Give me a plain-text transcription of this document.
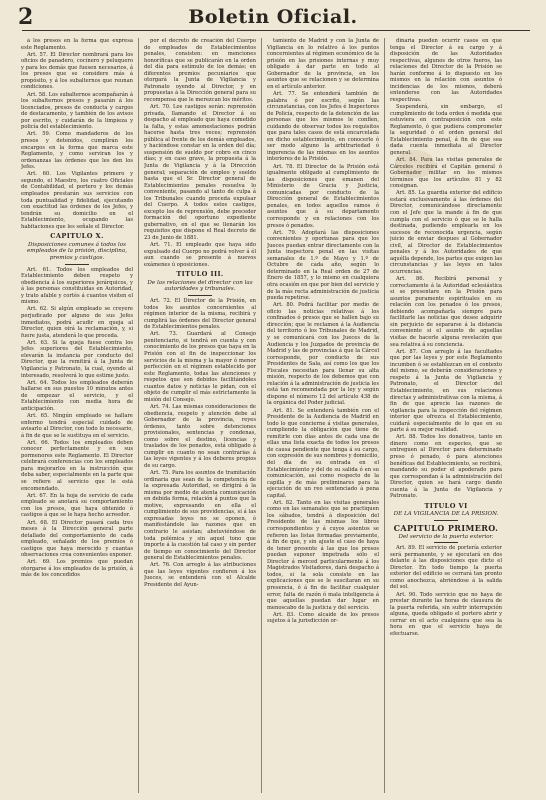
2	Boletin Oficial.

á los presos en la forma que expresa este Reglamento.

Art. 57. El Director nombrará para los oficios de panadero, cocinero y peluquero y para los demás que fuesen necesarios, á los presos que se considere más á propósito, y á los subalternos que reunan condiciones.

Art. 58. Los subalternos acompañarán á los subalternos presos y pasarán á los licenciados, presos de conducta y cargos de destacamento, y también de los avisos por escrito, y cuidarán de la limpieza y policía del establecimiento.

Art. 59. Como mandaderos de los presos y detenidos, cumplirán los encargos en la forma que marca este Reglamento, y como serviran los y ordenanzas las órdenes que les den los Jefes.

Art. 60. Los Vigilantes primero y segundo, el Maestro, los cuatro Oficiales de Contabilidad, el portero y los demás empleados prestarán sus servicios con toda puntualidad y fidelidad, ejecutando con exactitud las órdenes de los Jefes, y tendrán su domicilio en el Establecimiento, ocupando las habitaciones que les señale el Director.

CAPITULO X.
Disposiciones comunes á todos los empleados de la prisión, disciplina, premios y castigos.

Art. 61. Todos los empleados del Establecimiento deben respeto y obediencia á los superiores jerárquicos, y á las personas constituidas en Autoridad, y trato afable y cortés á cuantos visiten el mismo.

Art. 62. Si algún empleado se creyere perjudicado por alguno de sus Jefes inmediatos, podrá acudir en queja al Director, quien oirá la reclamación, y, si fuere justa, atenderá lo que proceda.

Art. 63. Si la queja fuese contra los Jefes superiores del Establecimiento, elevarán la instancia por conducto del Director, que la remitirá á la Junta de Vigilancia y Patronato, la cual, oyendo al interesado, resolverá lo que estime justo.

Art. 64. Todos los empleados deberán hallarse en sus puestos 10 minutos antes de empezar el servicio, y el Establecimiento con media hora de anticipación.

Art. 65. Ningún empleado se hallare enfermo tendrá especial cuidado de avisarlo al Director, con todo lo necesario, á fin de que se le sustituya en el servicio.

Art. 66. Todos los empleados deben conocer perfectamente y en sus pormenores este Reglamento. El Director celebrará conferencias con los empleados para mejorarlos en la instrucción que deba saber, especialmente en la parte que se refiere al servicio que le está encomendado.

Art. 67. En la hoja de servicio de cada empleado se anotará su comportamiento con los presos, que haya obtenido ó castigos á que se le haya hecho acreedor.

Art. 68. El Director pasará cada tres meses á la Dirección general parte detallado del comportamiento de cada empleado, señalado de los premios ó castigos que haya merecido y cuantas observaciones crea convenientes exponer.

Art. 69. Los premios que puedan otorgarse á los empleados de la prisión, á más de los concedidos

por el decreto de creación del Cuerpo de empleados de Establecimientos penales, consisten: en menciones honoríficas que se publicarán en la orden del día para estímulo de los demás; en diferentes premios pecuniarios que otorgará la Junta de Vigilancia y Patronato oyendo al Director, y en propuestas á la Dirección general para su recompensa que le merezcan los méritos.

Art. 70. Los castigos serán: reprensión privada, llamando el Director á su despacho al empleado que haya cometido la falta, y estas amonestaciones podrán hacerse hasta tres veces; reprensión pública al frente de los demás empleados, y haciéndose constar en la orden del día; suspensión de sueldo por cobro en cinco días; y en caso grave, la propuesta á la Junta de Vigilancia y á la Dirección general; separación de empleo y sueldo hasta que el Sr. Director general de Establecimientos penales resuelva lo conveniente, pasando al tanto de culpa á los Tribunales cuando proceda expulsar del Cuerpo. A todos estos castigos, excepto los de reprensión, debe preceder formación del oportuno expediente gubernativo, en el que se llenarán los requisitos que dispone el Real decreto de 23 de Junio de 1881.

Art. 71. El empleado que haya sido expulsado del Cuerpo no podrá volver á él aun cuando se presente á nuevos exámenes ú oposiciones.

TITULO III.
De las relaciones del director con las autoridades y tribunales.

Art. 72. El Director de la Prisión, en todos los asuntos concernientes al régimen interior de la misma, recibirá y cumplirá las órdenes del Director general de Establecimientos penales.

Art. 73. Guardará al Consejo penitenciario, si tendrá en cuenta y con conocimiento de los presos que haya en la Prisión con el fin de inspeccionar los servicios de la misma y la mayor ó menor perfección en el régimen establecido por este Reglamento, todas las atenciones y respetos que son debidos facilitándoles cuantos datos y noticias le pidan, con el objeto de cumplir el más estrictamente la misión del Consejo.

Art. 74. Las mismas consideraciones de obediencia, respeto y atención debe al Gobernador de la provincia, reyes órdenes, tanto sobre detenciones provisionales, sentencias y condenas, como sobre el destino, licencias y traslados de los penados, está obligado á cumplir en cuanto no sean contrarias á las leyes vigentes y á los deberes propios de su cargo.

Art. 75. Para los asuntos de tramitación ordinaria que sean de la competencia de la expresada Autoridad, se dirigirá á la misma por medio de atenta comunicación en debida forma, relación á puntos que la motive, expresando en ella el cumplimiento de sus providencias, si á las expresadas leyes no se oponen, ó manifestándole las razones que en contrario le asistan; abstuviéndose de toda polémica y sin aquel tono que importe á la cuestión tal caso y sin perder de tiempo en conocimiento del Director general de Establecimientos penales.

Art. 76. Con arreglo á las atribuciones que las leyes vigentes confieren á los Jueces, se entenderá con el Alcalde Presidente del Ayun-

tamiento de Madrid y con la Junta de Vigilancia en lo relativo á los puntos concernientes al régimen económico de la prisión en las prisiones internas y muy obligado á dar parte en todo al Gobernador de la provincia, en los asuntos que se relacionen y se determina en el artículo anterior.

Art. 77. Se entenderá también de palabra ó por escrito, según las circunstancias, con los Jefes é Inspectores de Policía, respecto de la detención de las personas que los mismos le confíen, cuidando de observar todos los requisitos que para tales casos de está encarcelada en dicho establecimiento, en conocerle ó ser modo alguno la arbitrariedad ó ingerencia de las mismas en los asuntos interiores de la Prisión.

Art. 78. El Director de la Prisión está igualmente obligado al cumplimiento de las disposiciones que emanen del Ministerio de Gracia y Justicia, comunicadas por conducto de la Dirección general de Establecimientos penales, en todos aquellos ramos ó asuntos que á su departamento corresponde y en relaciones con los presos ó penados.

Art. 79. Adoptará las disposiciones convenientes y oportunas para que los Jueces puedan entrar directamente con la Junta inspectora penal en las visitas semanales de 1.º de Mayo y 1.º de Octubre de cada año, según lo determinado en la Real orden de 27 de Enero de 1857, y lo mismo en cualquiera otra ocasión en que por bien del servicio y de la más recta administración de justicia pueda repetirse.

Art. 80. Podrá facilitar por medio de oficio las noticias relativas á los confinados ó presos que se hallen bajo su dirección; que le reclamen á la Audiencia del territorio ó los Tribunales de Madrid, y se comunicará con los Jueces de la Audiencia y los Juzgados de provincia de Madrid y las de provincias á que la Cárcel corresponde, por conducto de sus Presidentes de Sala, así como los que los Fiscales necesitan para llenar su alta misión, respecto de los debemos que con relación á la administración de justicia les está tan recomendada por la ley y según dispone el número 12 del artículo 438 de la orgánica del Poder judicial.

Art. 81. Se entenderá también con el Presidente de la Audiencia de Madrid en todo lo que concierne á visitas generales, cumpliendo la obligación que tiene de remitirle con días antes de cada una de ellas una lista exacta de todos los presos de causa pendiente que tenga á su cargo, con expresión de sus nombres y domicilio, del día de su entrada en el Establecimiento y del de su salida ó en su comunicación, así como respecto de la capilla y de más preliminares para la ejecución de un reo sentenciado á pena capital.

Art. 82. Tanto en las visitas generales como en las semanales que se practiquen los sábados, tendrá á disposición del Presidente de las mismas los libros correspondientes y á cuyos asientos se refieren las listas formadas previamente, á fin de que, y sin ajuste el caso de haya de tener presente á las que los presos puedan suponer impetrada sólo el Director á merced particularmente á los Magistrados Visitadores, dará despacho á todos, si la sola consiste en las explicaciones que se le suscitaran en su presencia, ó á fin de facilitar cualquier error, falta de razón ó mala inteligencia á que aquellas puedan dar lugar en menoscabo de la justicia y del servicio.

Art. 83. Como alcaide de los presos sujetos á la jurisdicción or-

dinaria pueden ocurrir casos en que tenga el Director á su cargo y á disposición de las Autoridades respectivas, algunos de otros fueros, las relaciones del Director de la Prisión se harán conforme á lo dispuesto en los mismos en la relación con asuntos ó incidencias de los mismos, deberá entenderse con las Autoridades respectivas.

Suspenderá, sin embargo, el cumplimiento de toda orden ó medida que estuviera en contraposición con este Reglamento, ó que pudiera comprometer la seguridad ó el orden general del Establecimiento penal, á fin de que sea dada cuenta inmediata al Director general.

Art. 84. Para las visitas generales de Cárceles recibirá el Capitán general ó Gobernador militar en los mismos términos que los artículos 81 y 82 consignan.

Art. 85. La guardia exterior del edificio estará exclusivamente á las órdenes del Director, comunicándose directamente con el Jefe que la mande á fin de que cumpla con el servicio ó que se le halla destinada, pudiendo emplearla en los sucesos de reconocida urgencia, según juicio de enviar despues al Gobernador civil, al Director de Establecimientos penales y á los Autoridades de que aquélla depende, los partes que exigen las circunstancias y las leyes en tales ocurrencias.

Art. 86. Recibirá personal y correctamente á la Autoridad eclesiástica si se presentare en la Prisión para asuntos puramente espirituales en su relación con los penados ó los presos, debiendo acompañarla siempre para facilitarle las noticias que desee adquirir sin perjuicio de separarse á la distancia conveniente si el asunto de aquellas visitas de hacerle alguna revelación que sea relativa á su conciencia.

Art. 87. Con arreglo á las facultades que por las leyes y por este Reglamento incumben ó se establezcan en el contexto del mismo, se deberán consideraciones y respeto á la Junta de Vigilancia y Patronato, el Director del Establecimiento, en sus relaciones directas y administrativas con la misma, á fin de que aprecie las razones de vigilancia para la inspección del régimen interior que ofrezca el Establecimiento, cuidará especialmente de lo que en su parte á su mejor realidad.

Art. 88. Todos los donativos, tanto en dinero como en especies, que se entreguen al Director para determinado preso ó penado, ó para atenciones benéficas del Establecimiento, se recibirá, mandando su poder el apoderado para que correspondan á la administración del Director, quien se hará cargo dando cuenta á la Junta de Vigilancia y Patronato.

TITULO VI
DE LA VIGILANCIA DE LA PRISION.
CAPITULO PRIMERO.
Del servicio de la puerta exterior.

Art. 89. El servicio de portería exterior será permanente, y se ejecutará en dos delante á las disposiciones que dicte el Director. En todo tiempo la puerta exterior del edificio se cerrará tan pronto como anochezca, abriéndose á la salida del sol.

Art. 90. Todo servicio que no haya de prestar durante las horas de clausura de la puerta referida, sin sufrir interrupción alguna, queda obligado el portero abrir y cerrar en el acto cualquiera que sea la hora en que el servicio haya de efectuarse.
